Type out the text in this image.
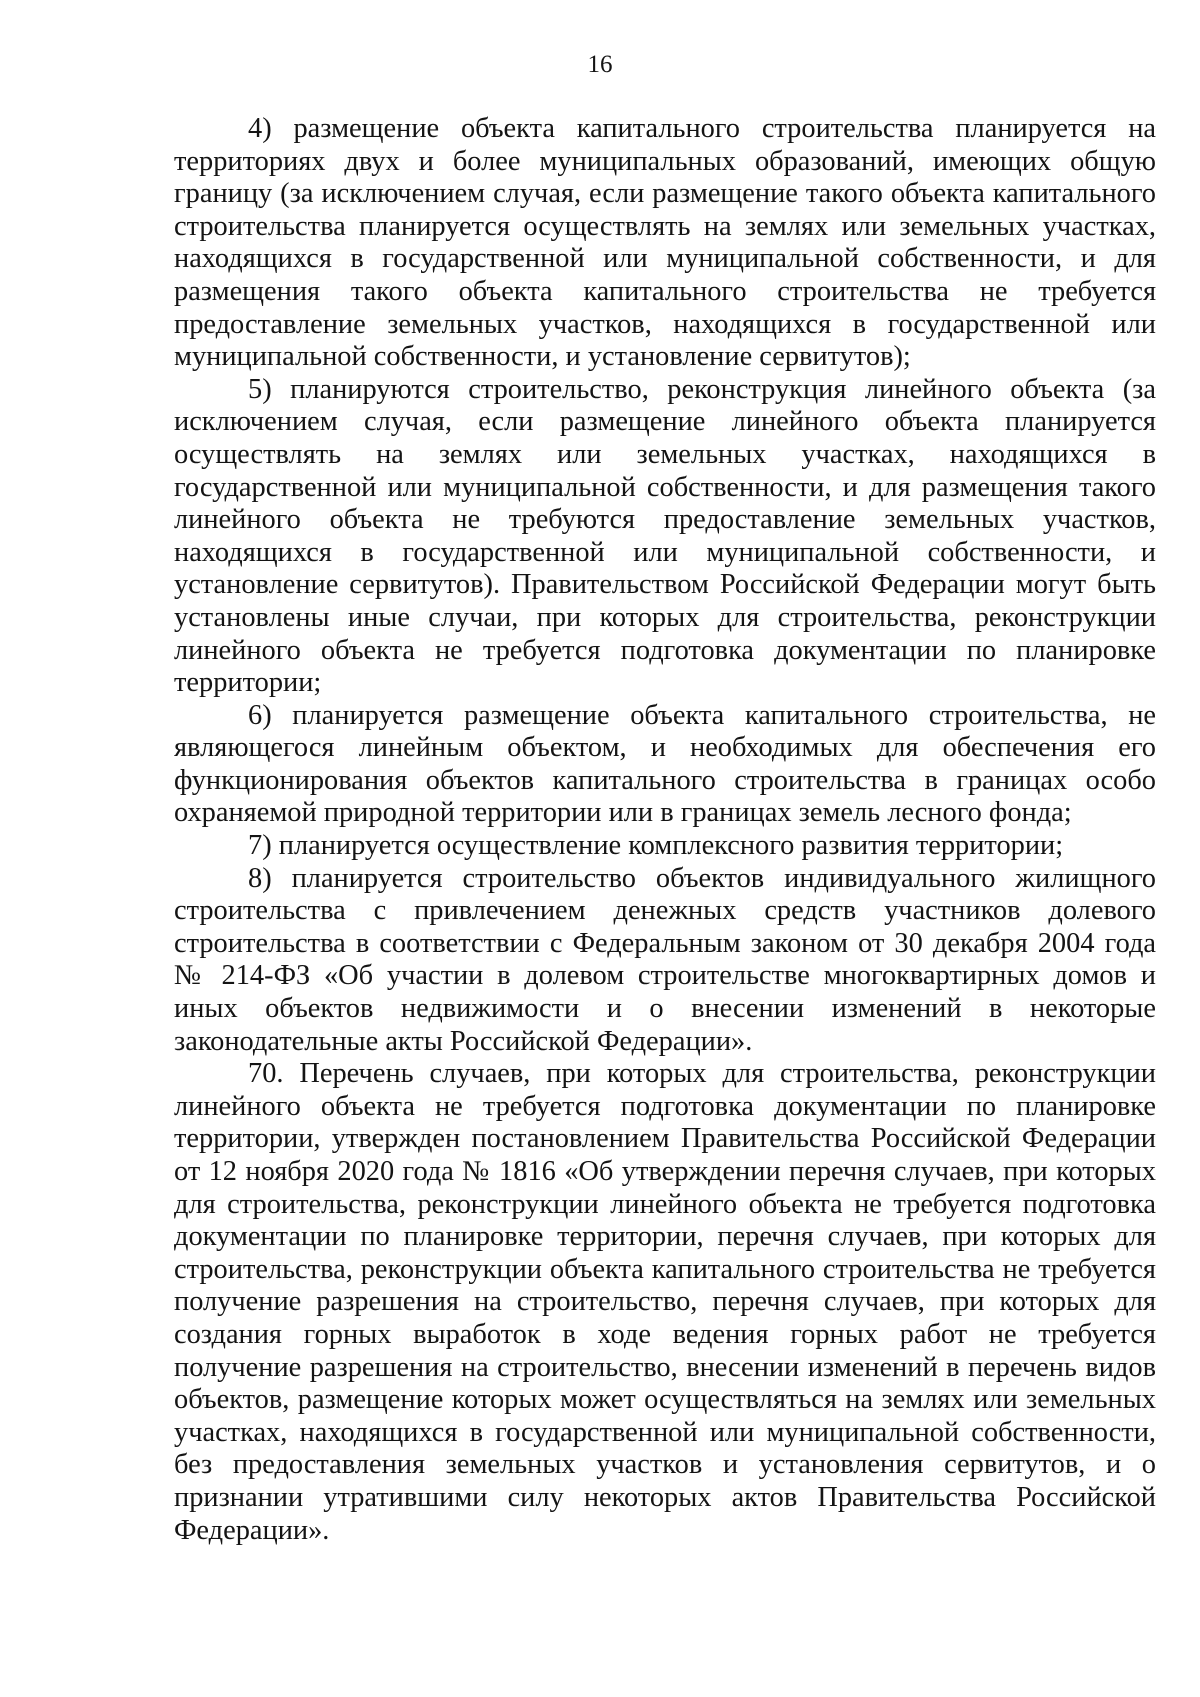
16

4) размещение объекта капитального строительства планируется на территориях двух и более муниципальных образований, имеющих общую границу (за исключением случая, если размещение такого объекта капитального строительства планируется осуществлять на землях или земельных участках, находящихся в государственной или муниципальной собственности, и для размещения такого объекта капитального строительства не требуется предоставление земельных участков, находящихся в государственной или муниципальной собственности, и установление сервитутов);

5) планируются строительство, реконструкция линейного объекта (за исключением случая, если размещение линейного объекта планируется осуществлять на землях или земельных участках, находящихся в государственной или муниципальной собственности, и для размещения такого линейного объекта не требуются предоставление земельных участков, находящихся в государственной или муниципальной собственности, и установление сервитутов). Правительством Российской Федерации могут быть установлены иные случаи, при которых для строительства, реконструкции линейного объекта не требуется подготовка документации по планировке территории;

6) планируется размещение объекта капитального строительства, не являющегося линейным объектом, и необходимых для обеспечения его функционирования объектов капитального строительства в границах особо охраняемой природной территории или в границах земель лесного фонда;

7) планируется осуществление комплексного развития территории;

8) планируется строительство объектов индивидуального жилищного строительства с привлечением денежных средств участников долевого строительства в соответствии с Федеральным законом от 30 декабря 2004 года № 214-ФЗ «Об участии в долевом строительстве многоквартирных домов и иных объектов недвижимости и о внесении изменений в некоторые законодательные акты Российской Федерации».

70. Перечень случаев, при которых для строительства, реконструкции линейного объекта не требуется подготовка документации по планировке территории, утвержден постановлением Правительства Российской Федерации от 12 ноября 2020 года № 1816 «Об утверждении перечня случаев, при которых для строительства, реконструкции линейного объекта не требуется подготовка документации по планировке территории, перечня случаев, при которых для строительства, реконструкции объекта капитального строительства не требуется получение разрешения на строительство, перечня случаев, при которых для создания горных выработок в ходе ведения горных работ не требуется получение разрешения на строительство, внесении изменений в перечень видов объектов, размещение которых может осуществляться на землях или земельных участках, находящихся в государственной или муниципальной собственности, без предоставления земельных участков и установления сервитутов, и о признании утратившими силу некоторых актов Правительства Российской Федерации».
